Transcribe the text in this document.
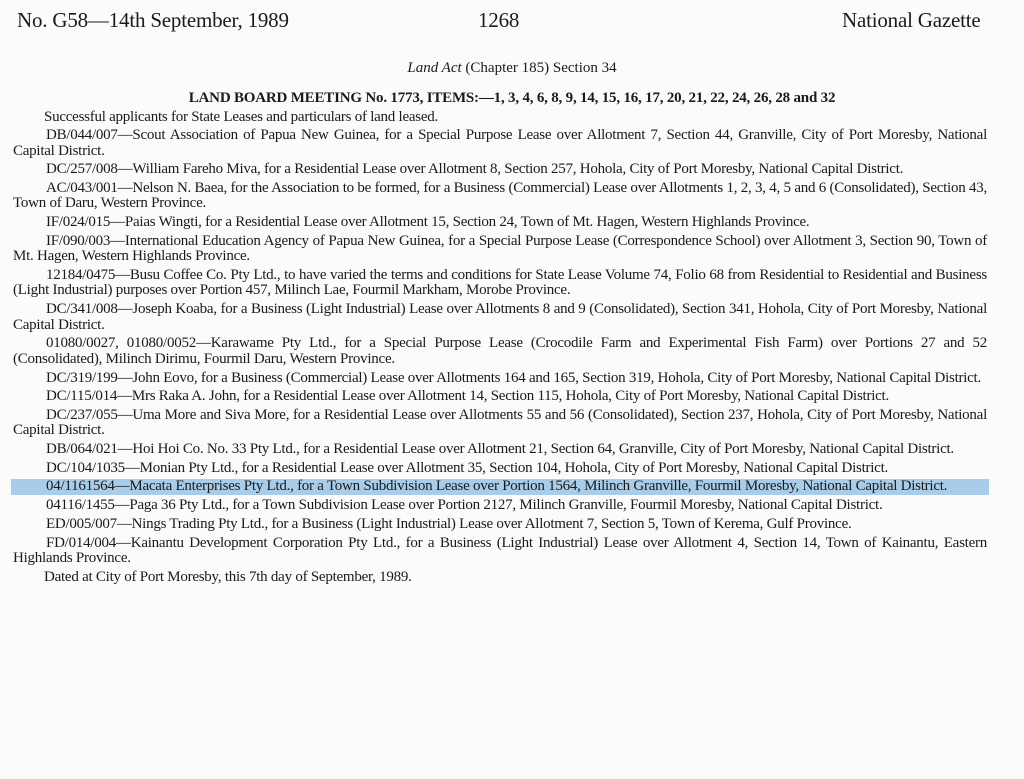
No. G58—14th September, 1989	1268	National Gazette
Land Act (Chapter 185) Section 34
LAND BOARD MEETING No. 1773, ITEMS:—1, 3, 4, 6, 8, 9, 14, 15, 16, 17, 20, 21, 22, 24, 26, 28 and 32
Successful applicants for State Leases and particulars of land leased.
DB/044/007—Scout Association of Papua New Guinea, for a Special Purpose Lease over Allotment 7, Section 44, Granville, City of Port Moresby, National Capital District.
DC/257/008—William Fareho Miva, for a Residential Lease over Allotment 8, Section 257, Hohola, City of Port Moresby, National Capital District.
AC/043/001—Nelson N. Baea, for the Association to be formed, for a Business (Commercial) Lease over Allotments 1, 2, 3, 4, 5 and 6 (Consolidated), Section 43, Town of Daru, Western Province.
IF/024/015—Paias Wingti, for a Residential Lease over Allotment 15, Section 24, Town of Mt. Hagen, Western Highlands Province.
IF/090/003—International Education Agency of Papua New Guinea, for a Special Purpose Lease (Correspondence School) over Allotment 3, Section 90, Town of Mt. Hagen, Western Highlands Province.
12184/0475—Busu Coffee Co. Pty Ltd., to have varied the terms and conditions for State Lease Volume 74, Folio 68 from Residential to Residential and Business (Light Industrial) purposes over Portion 457, Milinch Lae, Fourmil Markham, Morobe Province.
DC/341/008—Joseph Koaba, for a Business (Light Industrial) Lease over Allotments 8 and 9 (Consolidated), Section 341, Hohola, City of Port Moresby, National Capital District.
01080/0027, 01080/0052—Karawame Pty Ltd., for a Special Purpose Lease (Crocodile Farm and Experimental Fish Farm) over Portions 27 and 52 (Consolidated), Milinch Dirimu, Fourmil Daru, Western Province.
DC/319/199—John Eovo, for a Business (Commercial) Lease over Allotments 164 and 165, Section 319, Hohola, City of Port Moresby, National Capital District.
DC/115/014—Mrs Raka A. John, for a Residential Lease over Allotment 14, Section 115, Hohola, City of Port Moresby, National Capital District.
DC/237/055—Uma More and Siva More, for a Residential Lease over Allotments 55 and 56 (Consolidated), Section 237, Hohola, City of Port Moresby, National Capital District.
DB/064/021—Hoi Hoi Co. No. 33 Pty Ltd., for a Residential Lease over Allotment 21, Section 64, Granville, City of Port Moresby, National Capital District.
DC/104/1035—Monian Pty Ltd., for a Residential Lease over Allotment 35, Section 104, Hohola, City of Port Moresby, National Capital District.
04/1161564—Macata Enterprises Pty Ltd., for a Town Subdivision Lease over Portion 1564, Milinch Granville, Fourmil Moresby, National Capital District.
04116/1455—Paga 36 Pty Ltd., for a Town Subdivision Lease over Portion 2127, Milinch Granville, Fourmil Moresby, National Capital District.
ED/005/007—Nings Trading Pty Ltd., for a Business (Light Industrial) Lease over Allotment 7, Section 5, Town of Kerema, Gulf Province.
FD/014/004—Kainantu Development Corporation Pty Ltd., for a Business (Light Industrial) Lease over Allotment 4, Section 14, Town of Kainantu, Eastern Highlands Province.
Dated at City of Port Moresby, this 7th day of September, 1989.
